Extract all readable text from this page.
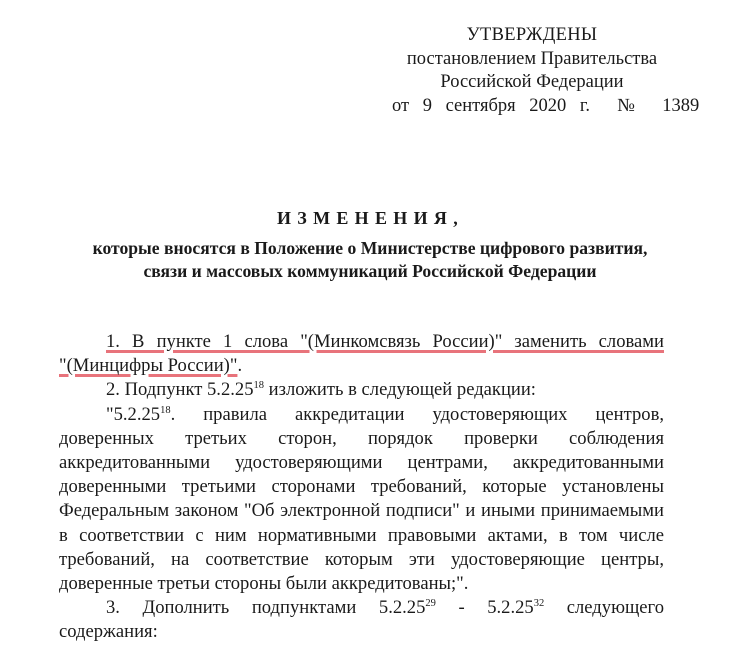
УТВЕРЖДЕНЫ
постановлением Правительства
Российской Федерации
от 9 сентября 2020 г.  №  1389
ИЗМЕНЕНИЯ,
которые вносятся в Положение о Министерстве цифрового развития,
связи и массовых коммуникаций Российской Федерации
1. В пункте 1 слова "(Минкомсвязь России)" заменить словами
"(Минцифры России)".
2. Подпункт 5.2.25$^{18}$ изложить в следующей редакции:
"5.2.25$^{18}$. правила аккредитации удостоверяющих центров,
доверенных третьих сторон, порядок проверки соблюдения
аккредитованными удостоверяющими центрами, аккредитованными
доверенными третьими сторонами требований, которые установлены
Федеральным законом "Об электронной подписи" и иными принимаемыми
в соответствии с ним нормативными правовыми актами, в том числе
требований, на соответствие которым эти удостоверяющие центры,
доверенные третьи стороны были аккредитованы;".
3. Дополнить подпунктами 5.2.25$^{29}$ - 5.2.25$^{32}$ следующего
содержания:
